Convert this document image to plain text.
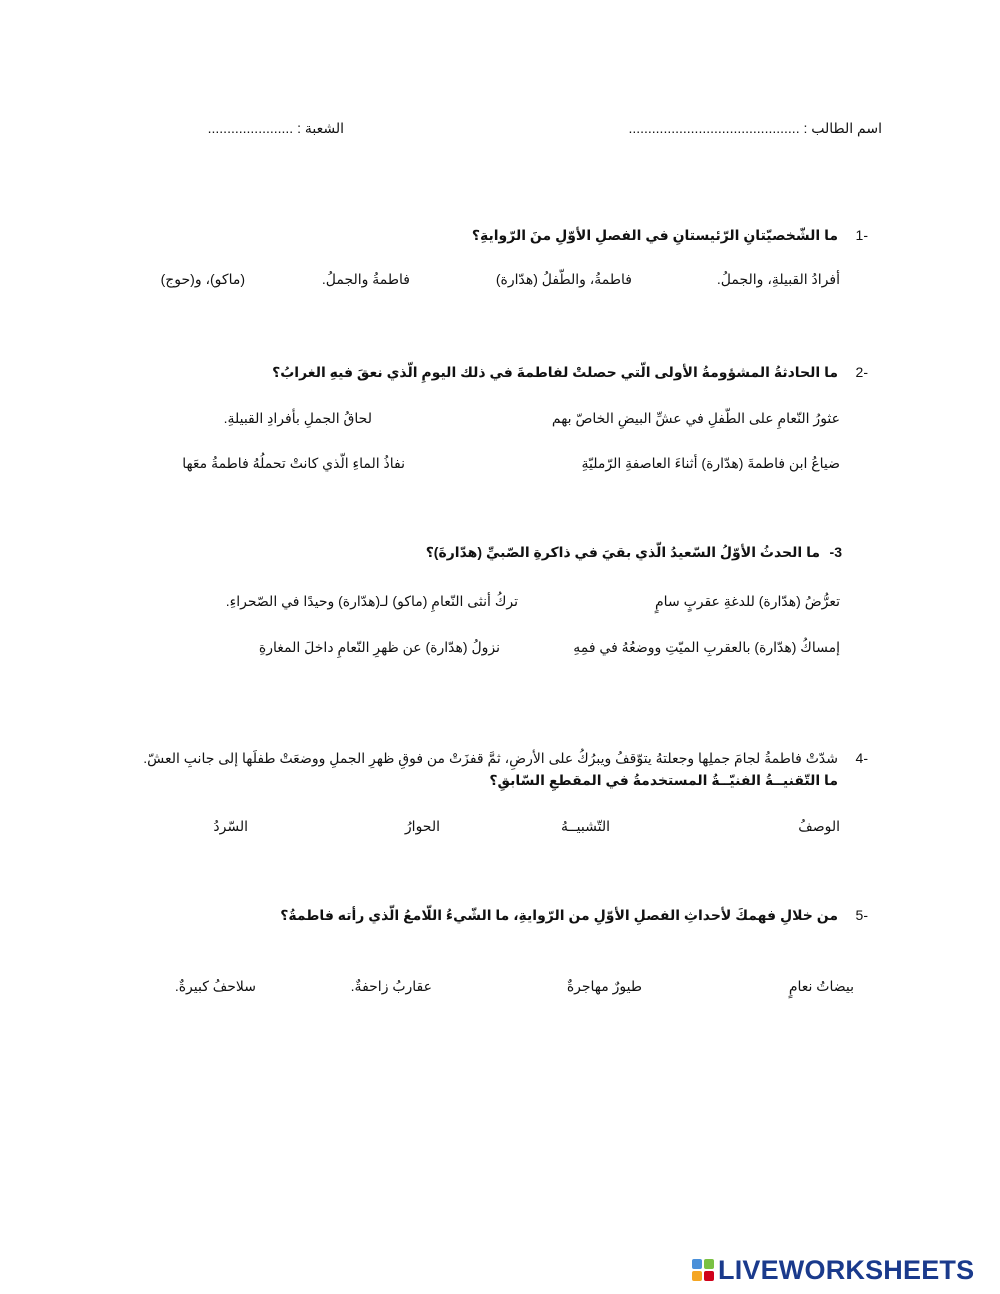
اسم الطالب : ............................................
الشعبة : ......................
1-
ما الشّخصيّتانِ الرّئيستانِ في الفصلِ الأوّلِ منَ الرّوايةِ؟
أفرادُ القبيلةِ، والجملُ.
فاطمةُ، والطّفلُ (هدّارة)
فاطمةُ والجملُ.
(ماكو)، و(حوج)
2-
ما الحادثةُ المشؤومةُ الأولى الّتي حصلتْ لفاطمةَ في ذلك اليومِ الّذي نعقَ فيهِ الغرابُ؟
عثورُ النّعامِ على الطّفلِ في عشِّ البيضِ الخاصّ بهم
لحاقُ الجملِ بأفرادِ القبيلةِ.
ضياعُ ابن فاطمةَ (هدّارة) أثناءَ العاصفةِ الرّمليّةِ
نفاذُ الماءِ الّذي كانتْ تحملُهُ فاطمةُ معَها
3-
ما الحدثُ الأوّلُ السّعيدُ الّذي بقيَ في ذاكرةِ الصّبيِّ (هدّارةَ)؟
تعرُّضُ (هدّارة) للدغةِ عقربٍ سامٍ
تركُ أنثى النّعامِ (ماكو) لـ(هدّارة) وحيدًا في الصّحراءِ.
إمساكُ (هدّارة) بالعقربِ الميّتِ ووضعُهُ في فمِهِ
نزولُ (هدّارة) عن ظهرِ النّعامِ داخلَ المغارةِ
4-
شدّتْ فاطمةُ لجامَ جملِها وجعلتهُ يتوّقفُ ويبرُكُ على الأرضِ، ثمَّ قفزَتْ من فوقِ ظهرِ الجملِ ووضعَتْ طفلَها إلى جانبِ العشّ.
ما التّقنيــةُ الفنيّــةُ المستخدمةُ في المقطعِ السّابقِ؟
الوصفُ
التّشبيــهُ
الحوارُ
السّردُ
5-
من خلالِ فهمكَ لأحداثِ الفصلِ الأوّلِ من الرّوايةِ، ما الشّيءُ اللّامعُ الّذي رأته فاطمةُ؟
بيضاتُ نعامٍ
طيورٌ مهاجرةٌ
عقاربُ زاحفةٌ.
سلاحفُ كبيرةٌ.
LIVEWORKSHEETS
